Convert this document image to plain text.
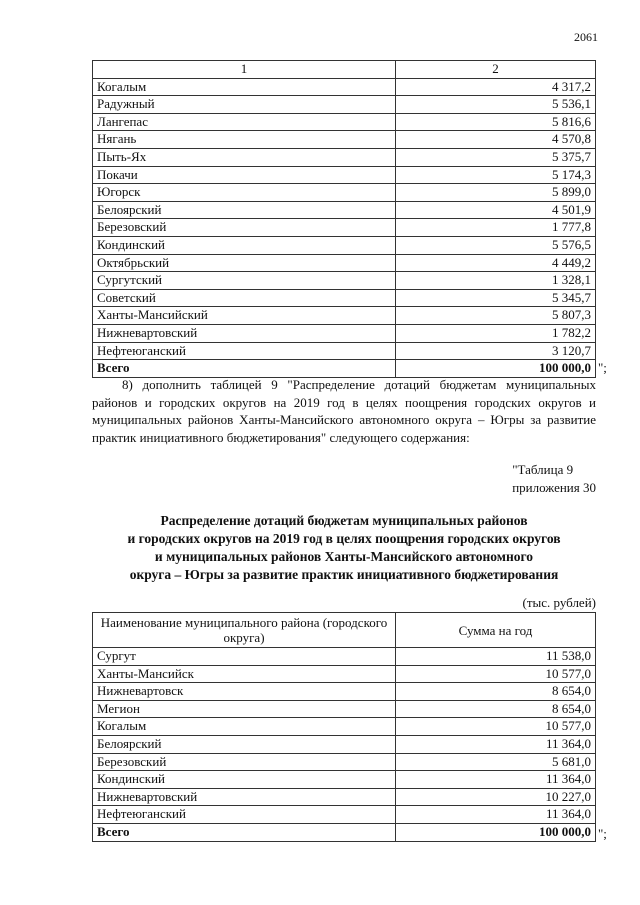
2061
1	2
Когалым	4 317,2
Радужный	5 536,1
Лангепас	5 816,6
Нягань	4 570,8
Пыть-Ях	5 375,7
Покачи	5 174,3
Югорск	5 899,0
Белоярский	4 501,9
Березовский	1 777,8
Кондинский	5 576,5
Октябрьский	4 449,2
Сургутский	1 328,1
Советский	5 345,7
Ханты-Мансийский	5 807,3
Нижневартовский	1 782,2
Нефтеюганский	3 120,7
Всего	100 000,0 ";
8) дополнить таблицей 9 "Распределение дотаций бюджетам муниципальных районов и городских округов на 2019 год в целях поощрения городских округов и муниципальных районов Ханты-Мансийского автономного округа – Югры за развитие практик инициативного бюджетирования" следующего содержания:
"Таблица 9
приложения 30
Распределение дотаций бюджетам муниципальных районов
и городских округов на 2019 год в целях поощрения городских округов
и муниципальных районов Ханты-Мансийского автономного
округа – Югры за развитие практик инициативного бюджетирования
(тыс. рублей)
Наименование муниципального района (городского округа)	Сумма на год
Сургут	11 538,0
Ханты-Мансийск	10 577,0
Нижневартовск	8 654,0
Мегион	8 654,0
Когалым	10 577,0
Белоярский	11 364,0
Березовский	5 681,0
Кондинский	11 364,0
Нижневартовский	10 227,0
Нефтеюганский	11 364,0
Всего	100 000,0 ";
